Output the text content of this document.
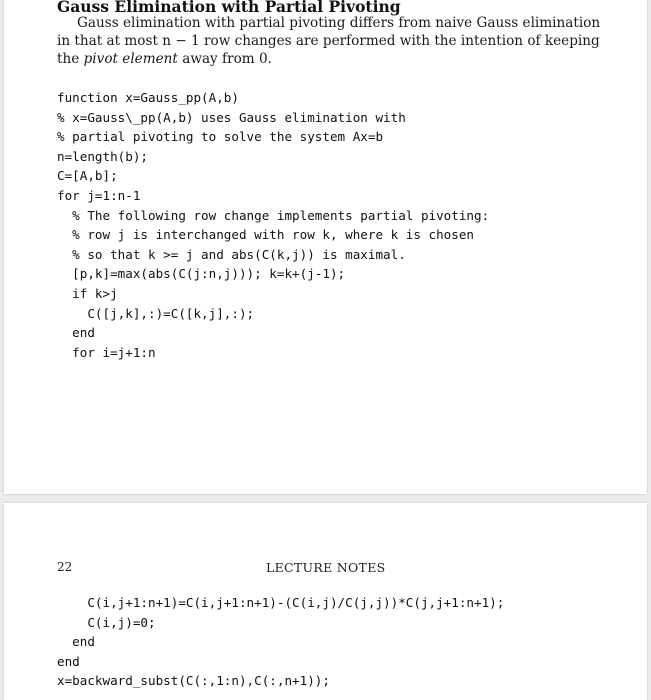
Gauss Elimination with Partial Pivoting
Gauss elimination with partial pivoting differs from naive Gauss elimination
in that at most n − 1 row changes are performed with the intention of keeping
the pivot element away from 0.
function x=Gauss_pp(A,b)
% x=Gauss\_pp(A,b) uses Gauss elimination with
% partial pivoting to solve the system Ax=b
n=length(b);
C=[A,b];
for j=1:n-1
% The following row change implements partial pivoting:
% row j is interchanged with row k, where k is chosen
% so that k >= j and abs(C(k,j)) is maximal.
[p,k]=max(abs(C(j:n,j))); k=k+(j-1);
if k>j
C([j,k],:)=C([k,j],:);
end
for i=j+1:n
22	LECTURE NOTES
C(i,j+1:n+1)=C(i,j+1:n+1)-(C(i,j)/C(j,j))*C(j,j+1:n+1);
C(i,j)=0;
end
end
x=backward_subst(C(:,1:n),C(:,n+1));
